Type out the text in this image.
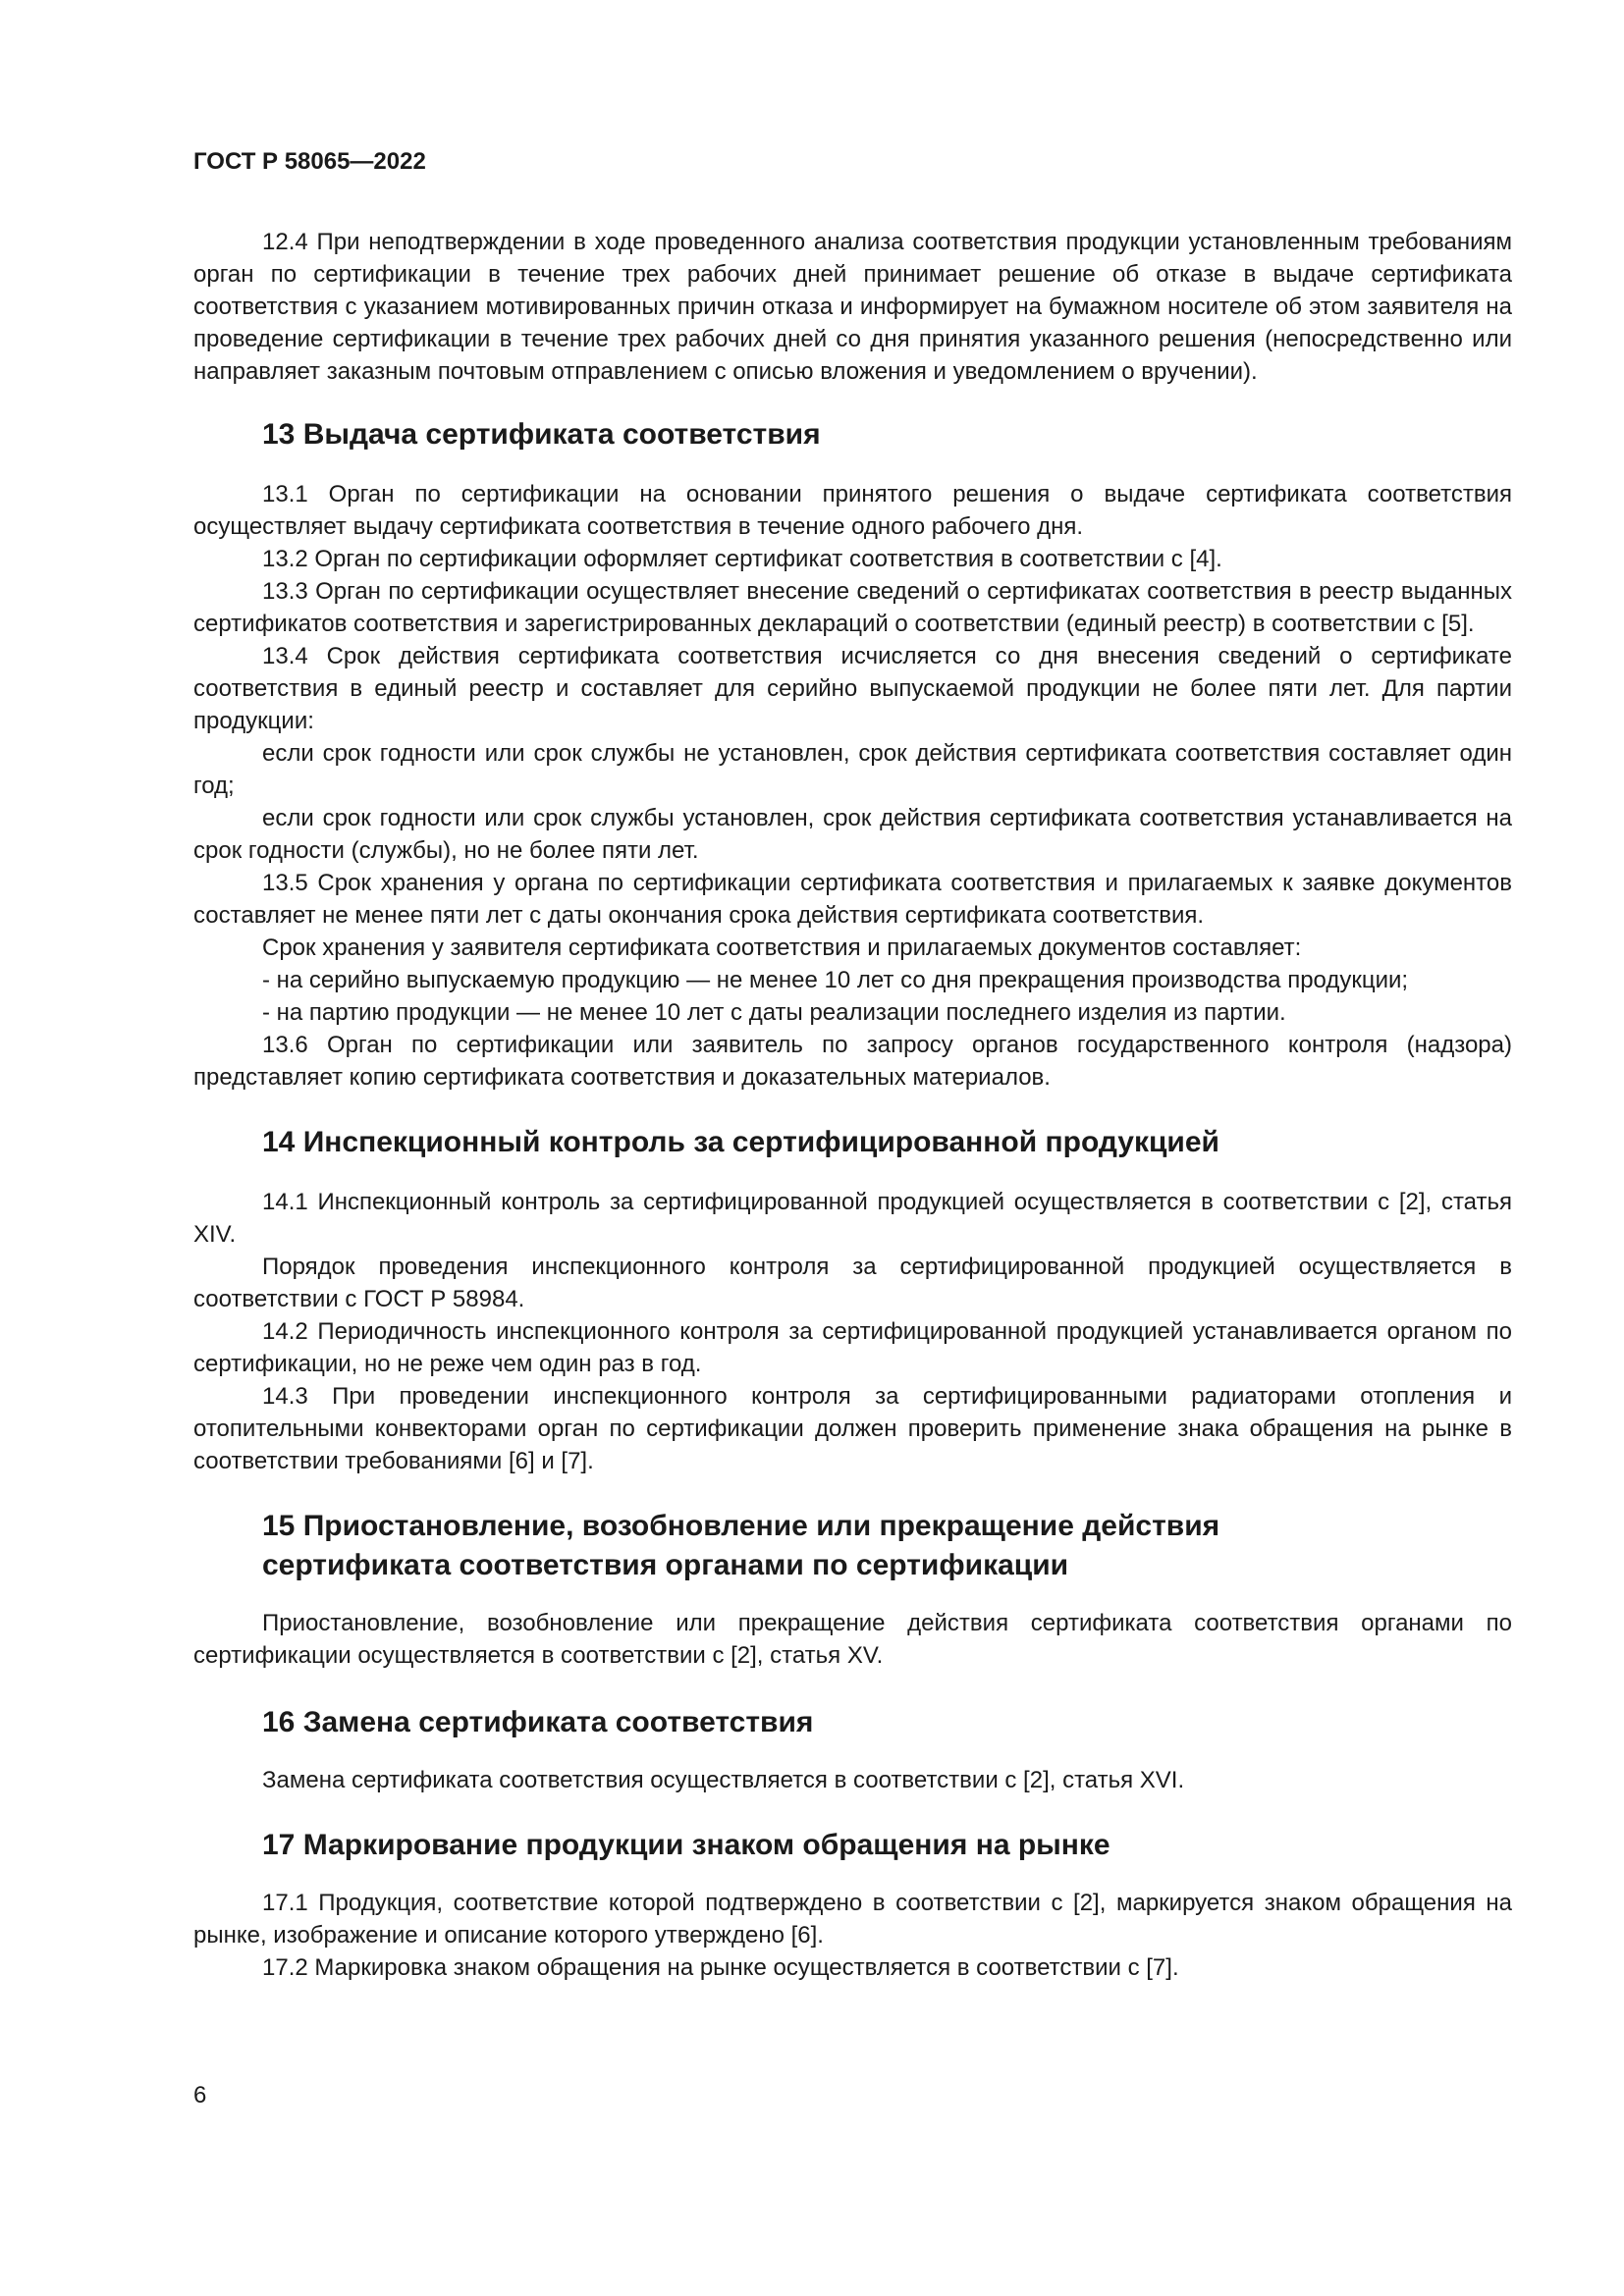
ГОСТ Р 58065—2022

12.4 При неподтверждении в ходе проведенного анализа соответствия продукции установленным требованиям орган по сертификации в течение трех рабочих дней принимает решение об отказе в выдаче сертификата соответствия с указанием мотивированных причин отказа и информирует на бумажном носителе об этом заявителя на проведение сертификации в течение трех рабочих дней со дня принятия указанного решения (непосредственно или направляет заказным почтовым отправлением с описью вложения и уведомлением о вручении).

13 Выдача сертификата соответствия

13.1 Орган по сертификации на основании принятого решения о выдаче сертификата соответствия осуществляет выдачу сертификата соответствия в течение одного рабочего дня.

13.2 Орган по сертификации оформляет сертификат соответствия в соответствии с [4].

13.3 Орган по сертификации осуществляет внесение сведений о сертификатах соответствия в реестр выданных сертификатов соответствия и зарегистрированных деклараций о соответствии (единый реестр) в соответствии с [5].

13.4 Срок действия сертификата соответствия исчисляется со дня внесения сведений о сертификате соответствия в единый реестр и составляет для серийно выпускаемой продукции не более пяти лет. Для партии продукции:

если срок годности или срок службы не установлен, срок действия сертификата соответствия составляет один год;

если срок годности или срок службы установлен, срок действия сертификата соответствия устанавливается на срок годности (службы), но не более пяти лет.

13.5 Срок хранения у органа по сертификации сертификата соответствия и прилагаемых к заявке документов составляет не менее пяти лет с даты окончания срока действия сертификата соответствия.

Срок хранения у заявителя сертификата соответствия и прилагаемых документов составляет:

- на серийно выпускаемую продукцию — не менее 10 лет со дня прекращения производства продукции;

- на партию продукции — не менее 10 лет с даты реализации последнего изделия из партии.

13.6 Орган по сертификации или заявитель по запросу органов государственного контроля (надзора) представляет копию сертификата соответствия и доказательных материалов.

14 Инспекционный контроль за сертифицированной продукцией

14.1 Инспекционный контроль за сертифицированной продукцией осуществляется в соответствии с [2], статья XIV.

Порядок проведения инспекционного контроля за сертифицированной продукцией осуществляется в соответствии с ГОСТ Р 58984.

14.2 Периодичность инспекционного контроля за сертифицированной продукцией устанавливается органом по сертификации, но не реже чем один раз в год.

14.3 При проведении инспекционного контроля за сертифицированными радиаторами отопления и отопительными конвекторами орган по сертификации должен проверить применение знака обращения на рынке в соответствии требованиями [6] и [7].

15 Приостановление, возобновление или прекращение действия
сертификата соответствия органами по сертификации

Приостановление, возобновление или прекращение действия сертификата соответствия органами по сертификации осуществляется в соответствии с [2], статья XV.

16 Замена сертификата соответствия

Замена сертификата соответствия осуществляется в соответствии с [2], статья XVI.

17 Маркирование продукции знаком обращения на рынке

17.1 Продукция, соответствие которой подтверждено в соответствии с [2], маркируется знаком обращения на рынке, изображение и описание которого утверждено [6].

17.2 Маркировка знаком обращения на рынке осуществляется в соответствии с [7].

6
